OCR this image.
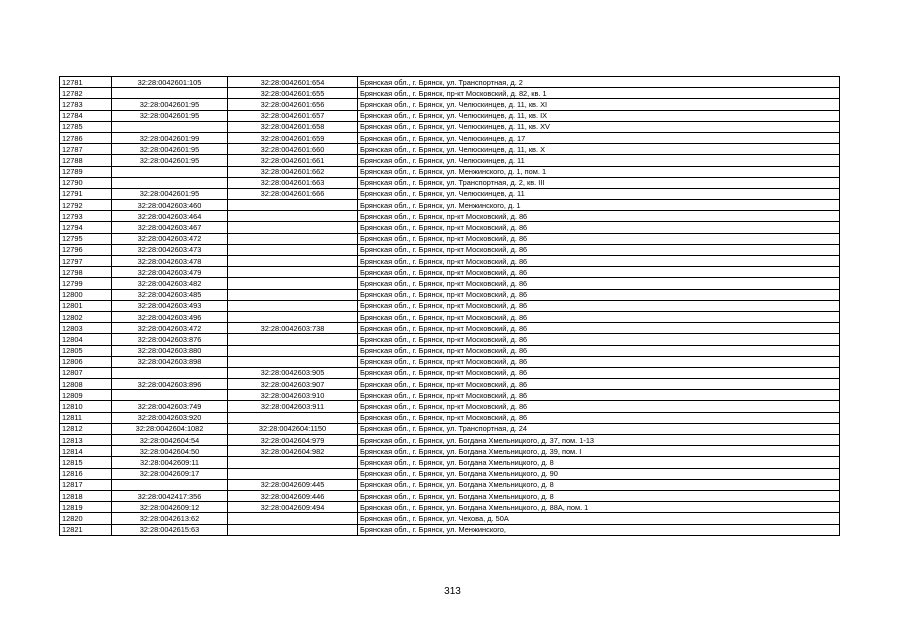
12781	32:28:0042601:105	32:28:0042601:654	Брянская обл., г. Брянск, ул. Транспортная, д. 2
12782		32:28:0042601:655	Брянская обл., г. Брянск, пр-кт Московский, д. 82, кв. 1
12783	32:28:0042601:95	32:28:0042601:656	Брянская обл., г. Брянск, ул. Челюскинцев, д. 11, кв. XI
12784	32:28:0042601:95	32:28:0042601:657	Брянская обл., г. Брянск, ул. Челюскинцев, д. 11, кв. IX
12785		32:28:0042601:658	Брянская обл., г. Брянск, ул. Челюскинцев, д. 11, кв. XV
12786	32:28:0042601:99	32:28:0042601:659	Брянская обл., г. Брянск, ул. Челюскинцев, д. 17
12787	32:28:0042601:95	32:28:0042601:660	Брянская обл., г. Брянск, ул. Челюскинцев, д. 11, кв. X
12788	32:28:0042601:95	32:28:0042601:661	Брянская обл., г. Брянск, ул. Челюскинцев, д. 11
12789		32:28:0042601:662	Брянская обл., г. Брянск, ул. Менжинского, д. 1, пом. 1
12790		32:28:0042601:663	Брянская обл., г. Брянск, ул. Транспортная, д. 2, кв. III
12791	32:28:0042601:95	32:28:0042601:666	Брянская обл., г. Брянск, ул. Челюскинцев, д. 11
12792	32:28:0042603:460		Брянская обл., г. Брянск, ул. Менжинского, д. 1
12793	32:28:0042603:464		Брянская обл., г. Брянск, пр-кт Московский, д. 86
12794	32:28:0042603:467		Брянская обл., г. Брянск, пр-кт Московский, д. 86
12795	32:28:0042603:472		Брянская обл., г. Брянск, пр-кт Московский, д. 86
12796	32:28:0042603:473		Брянская обл., г. Брянск, пр-кт Московский, д. 86
12797	32:28:0042603:478		Брянская обл., г. Брянск, пр-кт Московский, д. 86
12798	32:28:0042603:479		Брянская обл., г. Брянск, пр-кт Московский, д. 86
12799	32:28:0042603:482		Брянская обл., г. Брянск, пр-кт Московский, д. 86
12800	32:28:0042603:485		Брянская обл., г. Брянск, пр-кт Московский, д. 86
12801	32:28:0042603:493		Брянская обл., г. Брянск, пр-кт Московский, д. 86
12802	32:28:0042603:496		Брянская обл., г. Брянск, пр-кт Московский, д. 86
12803	32:28:0042603:472	32:28:0042603:738	Брянская обл., г. Брянск, пр-кт Московский, д. 86
12804	32:28:0042603:876		Брянская обл., г. Брянск, пр-кт Московский, д. 86
12805	32:28:0042603:880		Брянская обл., г. Брянск, пр-кт Московский, д. 86
12806	32:28:0042603:898		Брянская обл., г. Брянск, пр-кт Московский, д. 86
12807		32:28:0042603:905	Брянская обл., г. Брянск, пр-кт Московский, д. 86
12808	32:28:0042603:896	32:28:0042603:907	Брянская обл., г. Брянск, пр-кт Московский, д. 86
12809		32:28:0042603:910	Брянская обл., г. Брянск, пр-кт Московский, д. 86
12810	32:28:0042603:749	32:28:0042603:911	Брянская обл., г. Брянск, пр-кт Московский, д. 86
12811	32:28:0042603:920		Брянская обл., г. Брянск, пр-кт Московский, д. 86
12812	32:28:0042604:1082	32:28:0042604:1150	Брянская обл., г. Брянск, ул. Транспортная, д. 24
12813	32:28:0042604:54	32:28:0042604:979	Брянская обл., г. Брянск, ул. Богдана Хмельницкого, д. 37, пом. 1-13
12814	32:28:0042604:50	32:28:0042604:982	Брянская обл., г. Брянск, ул. Богдана Хмельницкого, д. 39, пом. I
12815	32:28:0042609:11		Брянская обл., г. Брянск, ул. Богдана Хмельницкого, д. 8
12816	32:28:0042609:17		Брянская обл., г. Брянск, ул. Богдана Хмельницкого, д. 90
12817		32:28:0042609:445	Брянская обл., г. Брянск, ул. Богдана Хмельницкого, д. 8
12818	32:28:0042417:356	32:28:0042609:446	Брянская обл., г. Брянск, ул. Богдана Хмельницкого, д. 8
12819	32:28:0042609:12	32:28:0042609:494	Брянская обл., г. Брянск, ул. Богдана Хмельницкого, д. 88А, пом. 1
12820	32:28:0042613:62		Брянская обл., г. Брянск, ул. Чехова, д. 50А
12821	32:28:0042615:63		Брянская обл., г. Брянск, ул. Менжинского,
313
